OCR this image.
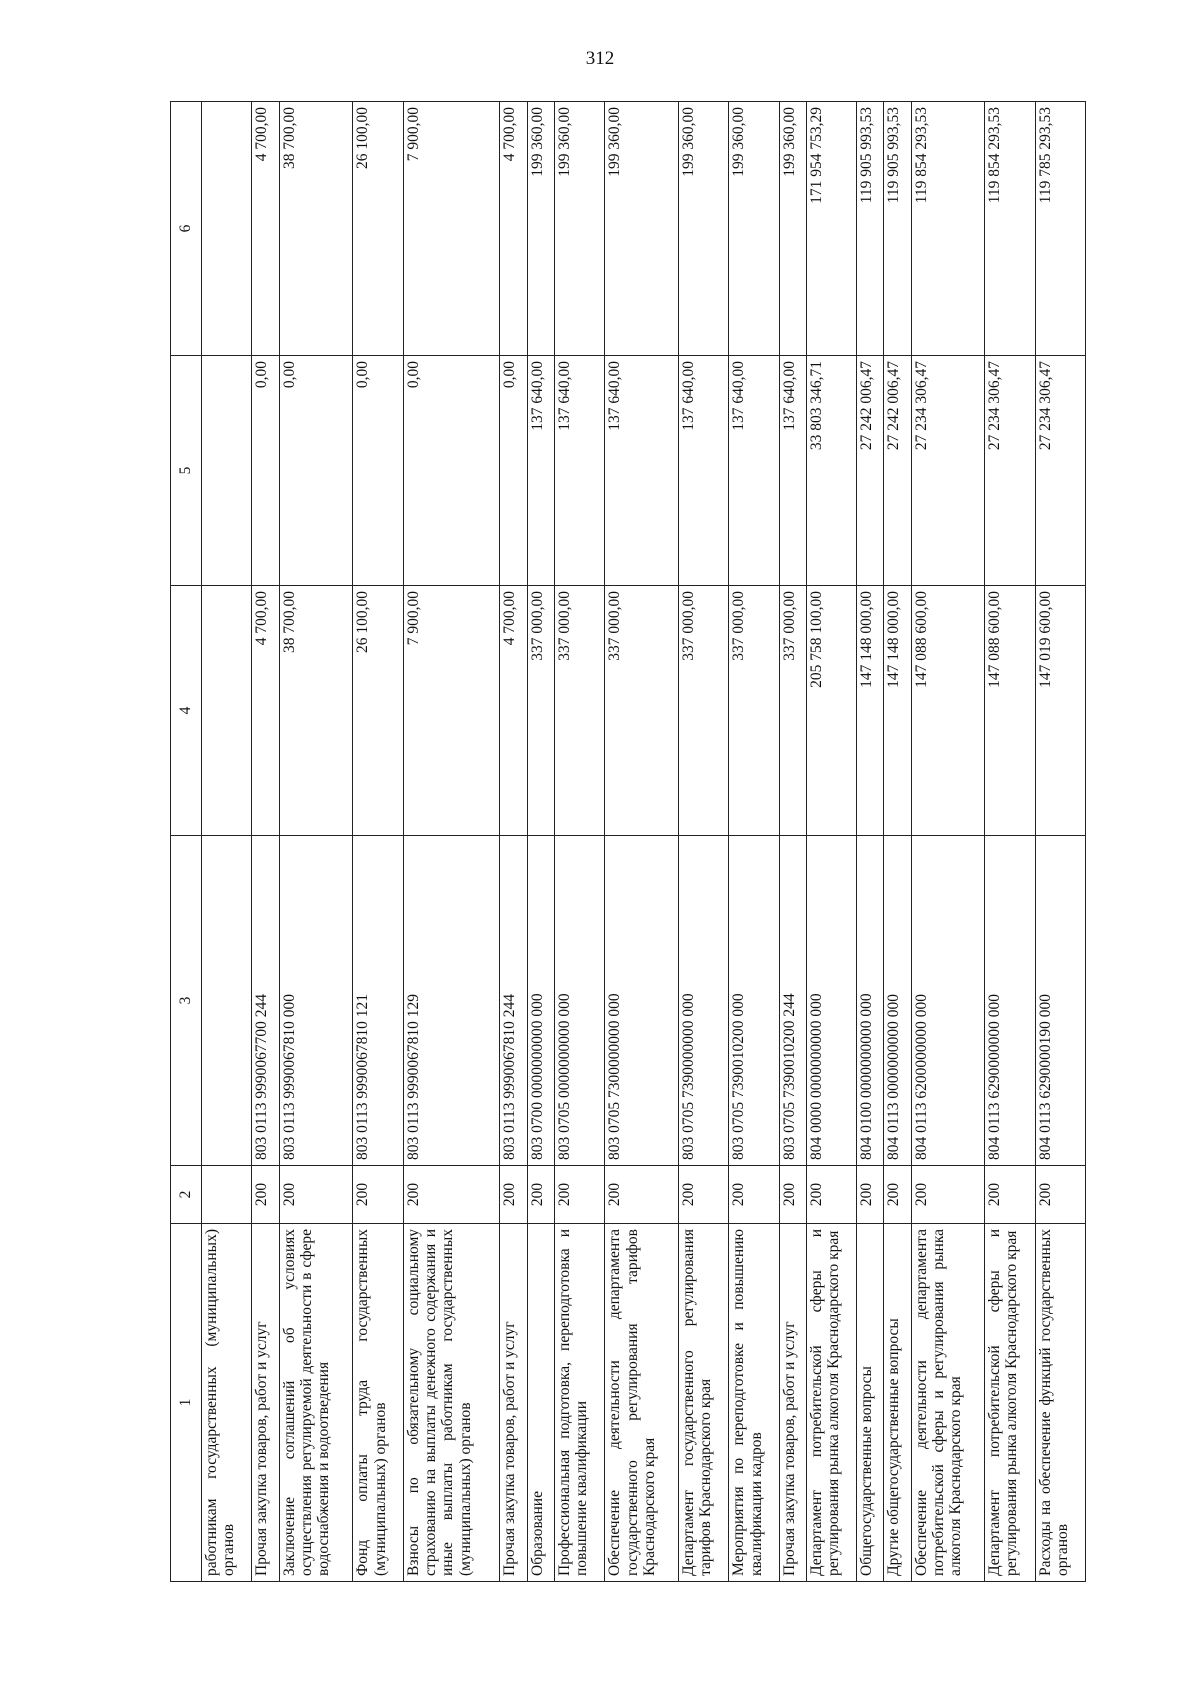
312
1	2	3	4	5	6
работникам государственных (муниципальных) органов					
Прочая закупка товаров, работ и услуг	200	803 0113 9990067700 244	4 700,00	0,00	4 700,00
Заключение соглашений об условиях осуществления регулируемой деятельности в сфере водоснабжения и водоотведения	200	803 0113 9990067810 000	38 700,00	0,00	38 700,00
Фонд оплаты труда государственных (муниципальных) органов	200	803 0113 9990067810 121	26 100,00	0,00	26 100,00
Взносы по обязательному социальному страхованию на выплаты денежного содержания и иные выплаты работникам государственных (муниципальных) органов	200	803 0113 9990067810 129	7 900,00	0,00	7 900,00
Прочая закупка товаров, работ и услуг	200	803 0113 9990067810 244	4 700,00	0,00	4 700,00
Образование	200	803 0700 0000000000 000	337 000,00	137 640,00	199 360,00
Профессиональная подготовка, переподготовка и повышение квалификации	200	803 0705 0000000000 000	337 000,00	137 640,00	199 360,00
Обеспечение деятельности департамента государственного регулирования тарифов Краснодарского края	200	803 0705 7300000000 000	337 000,00	137 640,00	199 360,00
Департамент государственного регулирования тарифов Краснодарского края	200	803 0705 7390000000 000	337 000,00	137 640,00	199 360,00
Мероприятия по переподготовке и повышению квалификации кадров	200	803 0705 7390010200 000	337 000,00	137 640,00	199 360,00
Прочая закупка товаров, работ и услуг	200	803 0705 7390010200 244	337 000,00	137 640,00	199 360,00
Департамент потребительской сферы и регулирования рынка алкоголя Краснодарского края	200	804 0000 0000000000 000	205 758 100,00	33 803 346,71	171 954 753,29
Общегосударственные вопросы	200	804 0100 0000000000 000	147 148 000,00	27 242 006,47	119 905 993,53
Другие общегосударственные вопросы	200	804 0113 0000000000 000	147 148 000,00	27 242 006,47	119 905 993,53
Обеспечение деятельности департамента потребительской сферы и регулирования рынка алкоголя Краснодарского края	200	804 0113 6200000000 000	147 088 600,00	27 234 306,47	119 854 293,53
Департамент потребительской сферы и регулирования рынка алкоголя Краснодарского края	200	804 0113 6290000000 000	147 088 600,00	27 234 306,47	119 854 293,53
Расходы на обеспечение функций государственных органов	200	804 0113 6290000190 000	147 019 600,00	27 234 306,47	119 785 293,53
